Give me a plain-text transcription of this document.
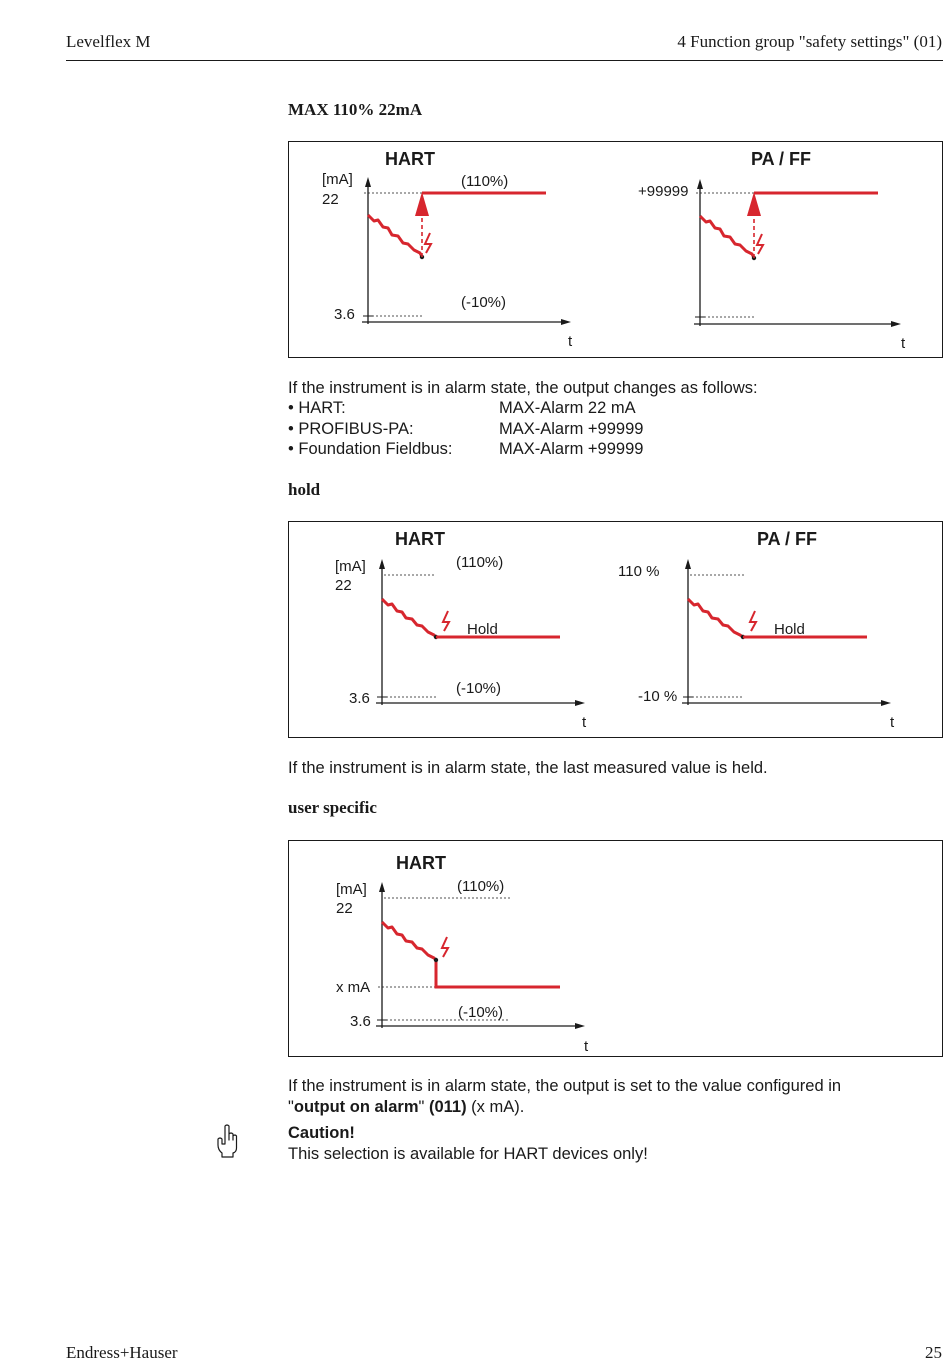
Levelflex M	4 Function group "safety settings" (01)
MAX 110% 22mA
HART
[mA]
22
3.6
(110%)
(-10%)
t
PA / FF
+99999
t
If the instrument is in alarm state, the output changes as follows:
• HART:	MAX-Alarm 22 mA
• PROFIBUS-PA:	MAX-Alarm +99999
• Foundation Fieldbus:	MAX-Alarm +99999
hold
HART
[mA]
22
3.6
(110%)
(-10%)
Hold
t
PA / FF
110 %
-10 %
Hold
t
If the instrument is in alarm state, the last measured value is held.
user specific
HART
[mA]
22
x mA
3.6
(110%)
(-10%)
t
If the instrument is in alarm state, the output is set to the value configured in
"output on alarm" (011) (x mA).
Caution!
This selection is available for HART devices only!
Endress+Hauser	25
